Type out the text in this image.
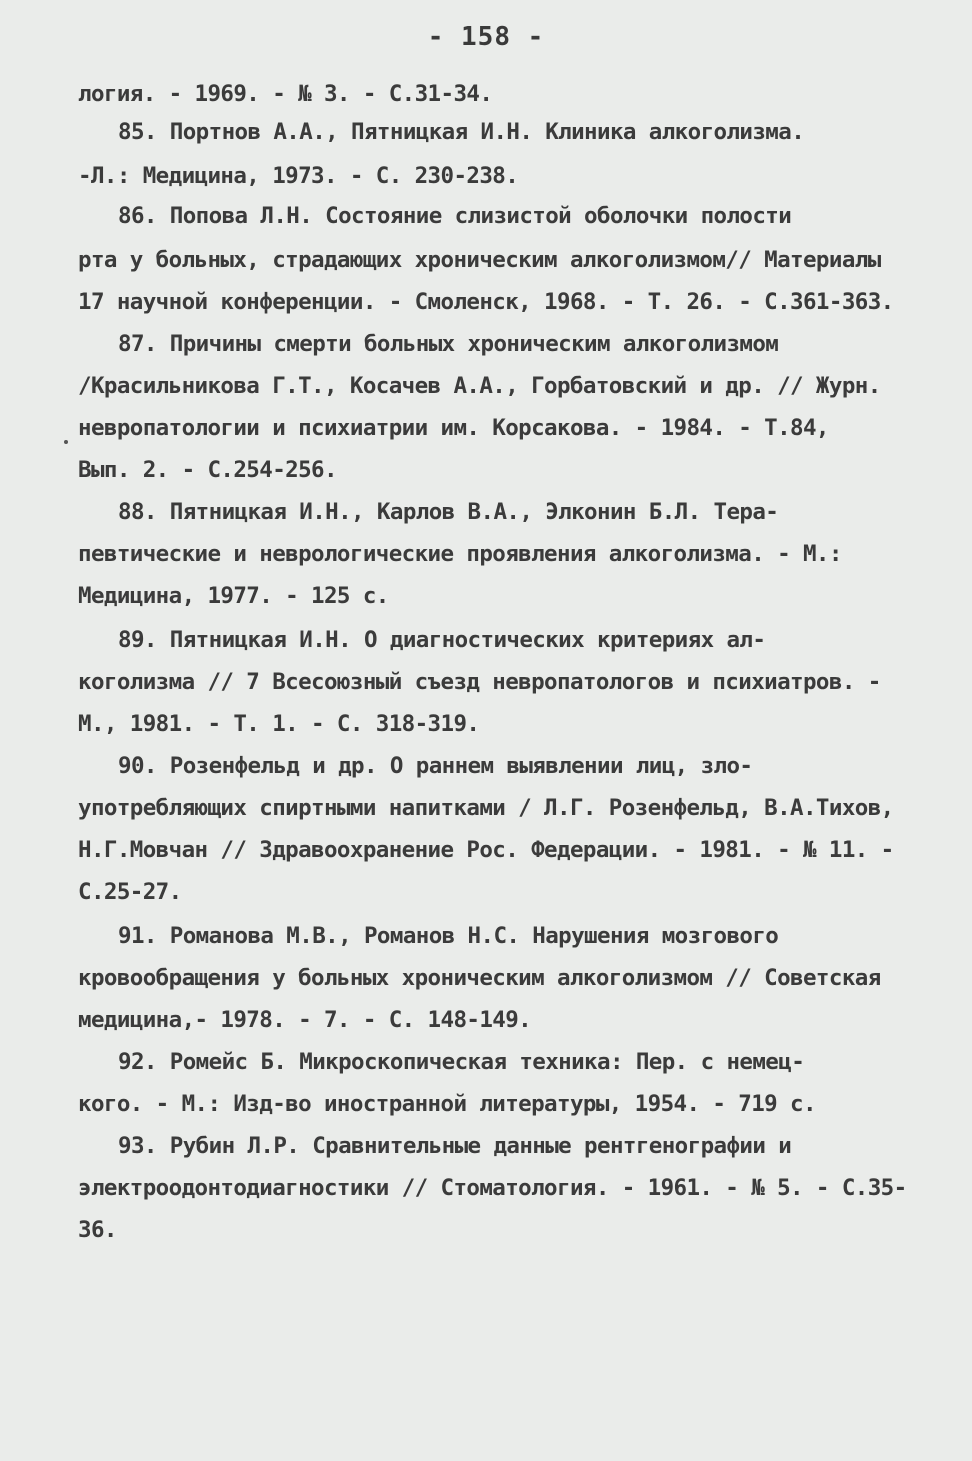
- 158 -
логия. - 1969. - № 3. - С.31-34.
85. Портнов А.А., Пятницкая И.Н. Клиника алкоголизма.
-Л.: Медицина, 1973. - С. 230-238.
86. Попова Л.Н. Состояние слизистой оболочки полости
рта у больных, страдающих хроническим алкоголизмом// Материалы
17 научной конференции. - Смоленск, 1968. - Т. 26. - С.361-363.
87. Причины смерти больных хроническим алкоголизмом
/Красильникова Г.Т., Косачев А.А., Горбатовский и др. // Журн.
невропатологии и психиатрии им. Корсакова. - 1984. - Т.84,
Вып. 2. - С.254-256.
88. Пятницкая И.Н., Карлов В.А., Элконин Б.Л. Тера-
певтические и неврологические проявления алкоголизма. - М.:
Медицина, 1977. - 125 с.
89. Пятницкая И.Н. О диагностических критериях ал-
коголизма // 7 Всесоюзный съезд невропатологов и психиатров. -
М., 1981. - Т. 1. - С. 318-319.
90. Розенфельд и др. О раннем выявлении лиц, зло-
употребляющих спиртными напитками / Л.Г. Розенфельд, В.А.Тихов,
Н.Г.Мовчан // Здравоохранение Рос. Федерации. - 1981. - № 11. -
С.25-27.
91. Романова М.В., Романов Н.С. Нарушения мозгового
кровообращения у больных хроническим алкоголизмом // Советская
медицина,- 1978. - 7. - С. 148-149.
92. Ромейс Б. Микроскопическая техника: Пер. с немец-
кого. - М.: Изд-во иностранной литературы, 1954. - 719 с.
93. Рубин Л.Р. Сравнительные данные рентгенографии и
электроодонтодиагностики // Стоматология. - 1961. - № 5. - С.35-
36.
